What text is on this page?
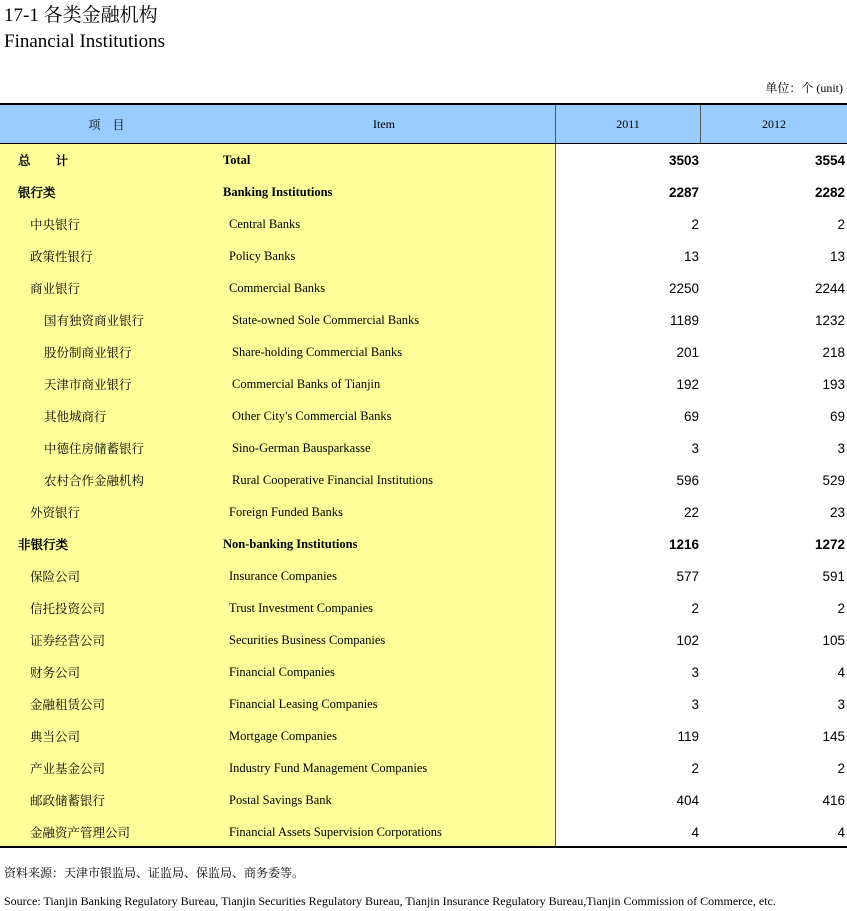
17-1 各类金融机构
Financial Institutions
单位：个 (unit)
项　目	Item	2011	2012
总　　计	Total	3503	3554
银行类	Banking Institutions	2287	2282
中央银行	Central Banks	2	2
政策性银行	Policy Banks	13	13
商业银行	Commercial Banks	2250	2244
国有独资商业银行	State-owned Sole Commercial Banks	1189	1232
股份制商业银行	Share-holding Commercial Banks	201	218
天津市商业银行	Commercial Banks of Tianjin	192	193
其他城商行	Other City's Commercial Banks	69	69
中德住房储蓄银行	Sino-German Bausparkasse	3	3
农村合作金融机构	Rural Cooperative Financial Institutions	596	529
外资银行	Foreign Funded Banks	22	23
非银行类	Non-banking Institutions	1216	1272
保险公司	Insurance Companies	577	591
信托投资公司	Trust Investment Companies	2	2
证券经营公司	Securities Business Companies	102	105
财务公司	Financial Companies	3	4
金融租赁公司	Financial Leasing Companies	3	3
典当公司	Mortgage Companies	119	145
产业基金公司	Industry Fund Management Companies	2	2
邮政储蓄银行	Postal Savings Bank	404	416
金融资产管理公司	Financial Assets Supervision Corporations	4	4
资料来源：天津市银监局、证监局、保监局、商务委等。
Source: Tianjin Banking Regulatory Bureau, Tianjin Securities Regulatory Bureau, Tianjin Insurance Regulatory Bureau,Tianjin Commission of Commerce, etc.
